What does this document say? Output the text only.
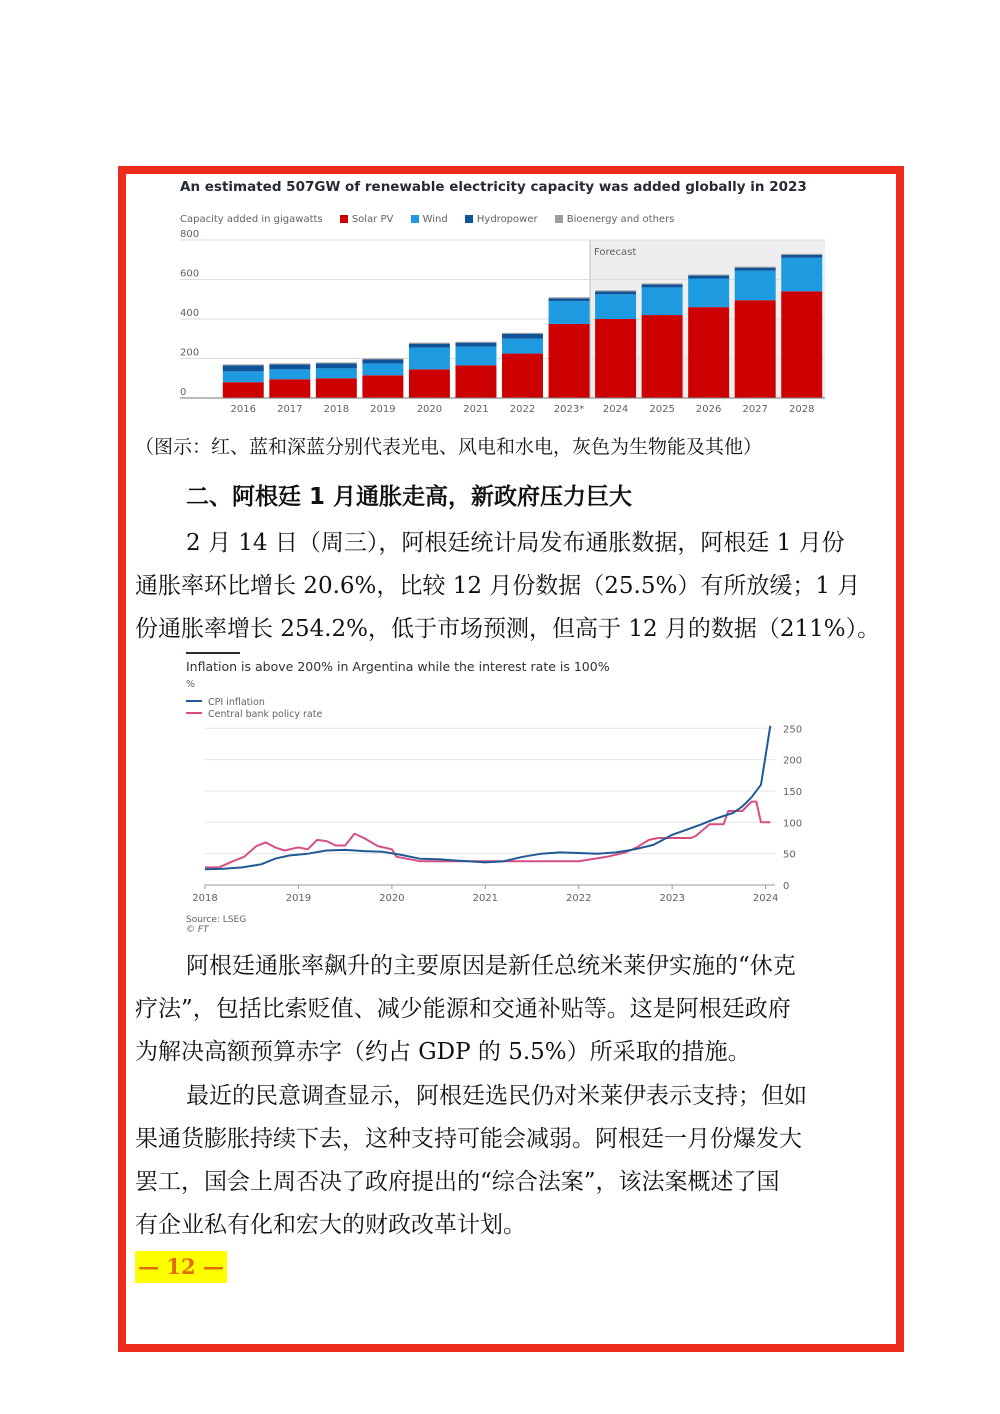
An estimated 507GW of renewable electricity capacity was added globally in 2023
Capacity added in gigawatts	Solar PV	Wind	Hydropower	Bioenergy and others
Forecast
0
200
400
600
800
2016 2017 2018 2019 2020 2021 2022 2023* 2024 2025 2026 2027 2028
（图示：红、蓝和深蓝分别代表光电、风电和水电，灰色为生物能及其他）
二、阿根廷 1 月通胀走高，新政府压力巨大
2 月 14 日（周三），阿根廷统计局发布通胀数据，阿根廷 1 月份
通胀率环比增长 20.6%，比较 12 月份数据（25.5%）有所放缓；1 月
份通胀率增长 254.2%，低于市场预测，但高于 12 月的数据（211%）。
Inflation is above 200% in Argentina while the interest rate is 100%
%
CPI inflation
Central bank policy rate
0
50
100
150
200
250
2018	2019	2020	2021	2022	2023	2024
Source: LSEG
© FT
阿根廷通胀率飙升的主要原因是新任总统米莱伊实施的“休克
疗法”，包括比索贬值、减少能源和交通补贴等。这是阿根廷政府
为解决高额预算赤字（约占 GDP 的 5.5%）所采取的措施。
最近的民意调查显示，阿根廷选民仍对米莱伊表示支持；但如
果通货膨胀持续下去，这种支持可能会减弱。阿根廷一月份爆发大
罢工，国会上周否决了政府提出的“综合法案”，该法案概述了国
有企业私有化和宏大的财政改革计划。
— 12 —
